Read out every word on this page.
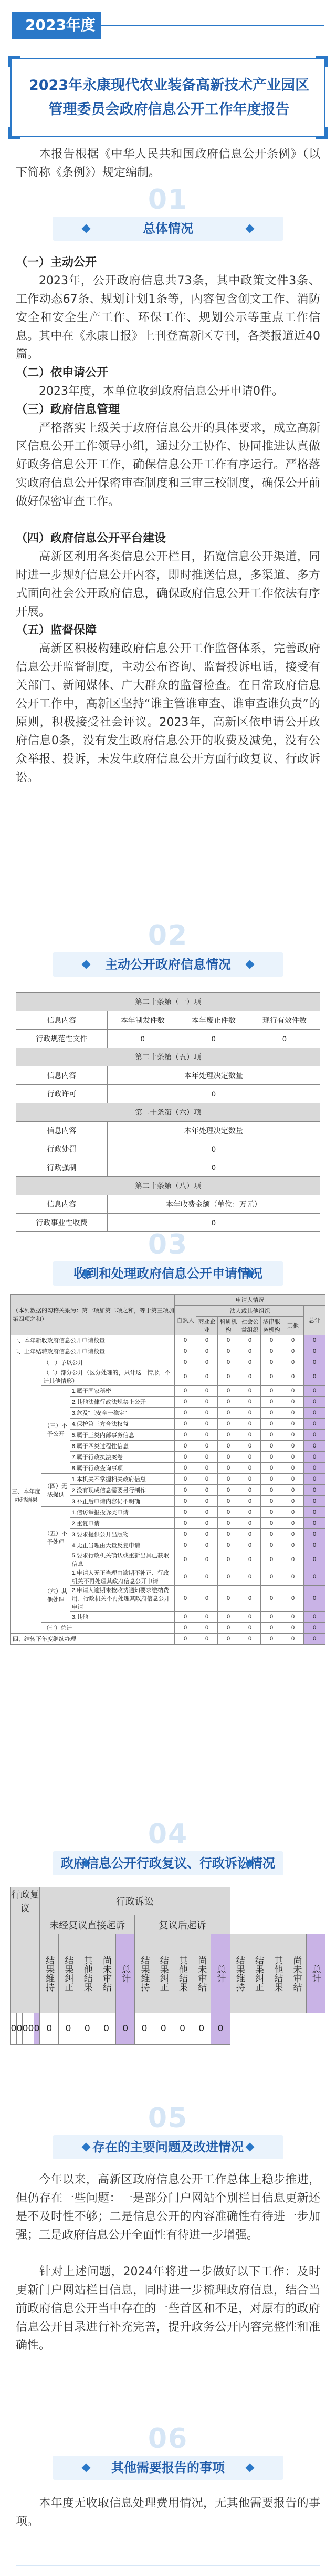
2023年度
2023年永康现代农业装备高新技术产业园区
管理委员会政府信息公开工作年度报告
本报告根据《中华人民共和国政府信息公开条例》（以下简称《条例》）规定编制。
01
总体情况
（一）主动公开
2023年，公开政府信息共73条，其中政策文件3条、工作动态67条、规划计划1条等，内容包含创文工作、消防安全和安全生产工作、环保工作、规划公示等重点工作信息。其中在《永康日报》上刊登高新区专刊，各类报道近40篇。
（二）依申请公开
2023年度，本单位收到政府信息公开申请0件。
（三）政府信息管理
严格落实上级关于政府信息公开的具体要求，成立高新区信息公开工作领导小组，通过分工协作、协同推进认真做好政务信息公开工作，确保信息公开工作有序运行。严格落实政府信息公开保密审查制度和三审三校制度，确保公开前做好保密审查工作。
（四）政府信息公开平台建设
高新区利用各类信息公开栏目，拓宽信息公开渠道，同时进一步规好信息公开内容，即时推送信息，多渠道、多方式面向社会公开政府信息，确保政府信息公开工作依法有序开展。
（五）监督保障
高新区积极构建政府信息公开工作监督体系，完善政府信息公开监督制度，主动公布咨询、监督投诉电话，接受有关部门、新闻媒体、广大群众的监督检查。在日常政府信息公开工作中，高新区坚持“谁主管谁审查、谁审查谁负责”的原则，积极接受社会评议。2023年，高新区依申请公开政府信息0条，没有发生政府信息公开的收费及减免，没有公众举报、投诉，未发生政府信息公开方面行政复议、行政诉讼。
02
主动公开政府信息情况
第二十条第（一）项			
信息内容	本年制发件数	本年废止件数	现行有效件数
行政规范性文件	0	0	0
第二十条第（五）项			
信息内容	本年处理决定数量		
行政许可	0		
第二十条第（六）项			
信息内容	本年处理决定数量		
行政处罚	0		
行政强制	0		
第二十条第（八）项			
信息内容	本年收费金额（单位：万元）		
行政事业性收费	0		
03
收到和处理政府信息公开申请情况
（本列数据的勾稽关系为：第一项加第二项之和，等于第三项加第四项之和）			申请人情况						
			自然人	法人或其他组织					总计
				商业企业	科研机构	社会公益组织	法律服务机构	其他	
一、本年新收政府信息公开申请数量			0	0	0	0	0	0	0
二、上年结转政府信息公开申请数量			0	0	0	0	0	0	0
三、本年度办理结果	（一）予以公开		0	0	0	0	0	0	0
	（二）部分公开（区分处理的，只计这一情形，不计其他情形）		0	0	0	0	0	0	0
	（三）不予公开	1.属于国家秘密	0	0	0	0	0	0	0
		2.其他法律行政法规禁止公开	0	0	0	0	0	0	0
		3.危及“三安全一稳定”	0	0	0	0	0	0	0
		4.保护第三方合法权益	0	0	0	0	0	0	0
		5.属于三类内部事务信息	0	0	0	0	0	0	0
		6.属于四类过程性信息	0	0	0	0	0	0	0
		7.属于行政执法案卷	0	0	0	0	0	0	0
		8.属于行政查询事项	0	0	0	0	0	0	0
	（四）无法提供	1.本机关不掌握相关政府信息	0	0	0	0	0	0	0
		2.没有现成信息需要另行制作	0	0	0	0	0	0	0
		3.补正后申请内容仍不明确	0	0	0	0	0	0	0
	（五）不予处理	1.信访举报投诉类申请	0	0	0	0	0	0	0
		2.重复申请	0	0	0	0	0	0	0
		3.要求提供公开出版物	0	0	0	0	0	0	0
		4.无正当理由大量反复申请	0	0	0	0	0	0	0
		5.要求行政机关确认或重新出具已获取信息	0	0	0	0	0	0	0
	（六）其他处理	1.申请人无正当理由逾期不补正、行政机关不再处理其政府信息公开申请	0	0	0	0	0	0	0
		2.申请人逾期未按收费通知要求缴纳费用、行政机关不再处理其政府信息公开申请	0	0	0	0	0	0	0
		3.其他	0	0	0	0	0	0	0
	（七）总计		0	0	0	0	0	0	0
四、结转下年度继续办理			0	0	0	0	0	0	0
04
政府信息公开行政复议、行政诉讼情况
行政复议					行政诉讼														
					未经复议直接起诉					复议后起诉									
					结果维持	结果纠正	其他结果	尚未审结	总计	结果维持	结果纠正	其他结果	尚未审结	总计	结果维持	结果纠正	其他结果	尚未审结	总计
0	0	0	0	0	0	0	0	0	0	0	0	0	0	0					
05
存在的主要问题及改进情况
今年以来，高新区政府信息公开工作总体上稳步推进，但仍存在一些问题：一是部分门户网站个别栏目信息更新还是不及时性不够；二是信息公开的内容准确性有待进一步加强；三是政府信息公开全面性有待进一步增强。
针对上述问题，2024年将进一步做好以下工作：及时更新门户网站栏目信息，同时进一步梳理政府信息，结合当前政府信息公开当中存在的一些首区和不足，对原有的政府信息公开目录进行补充完善，提升政务公开内容完整性和准确性。
06
其他需要报告的事项
本年度无收取信息处理费用情况，无其他需要报告的事项。
